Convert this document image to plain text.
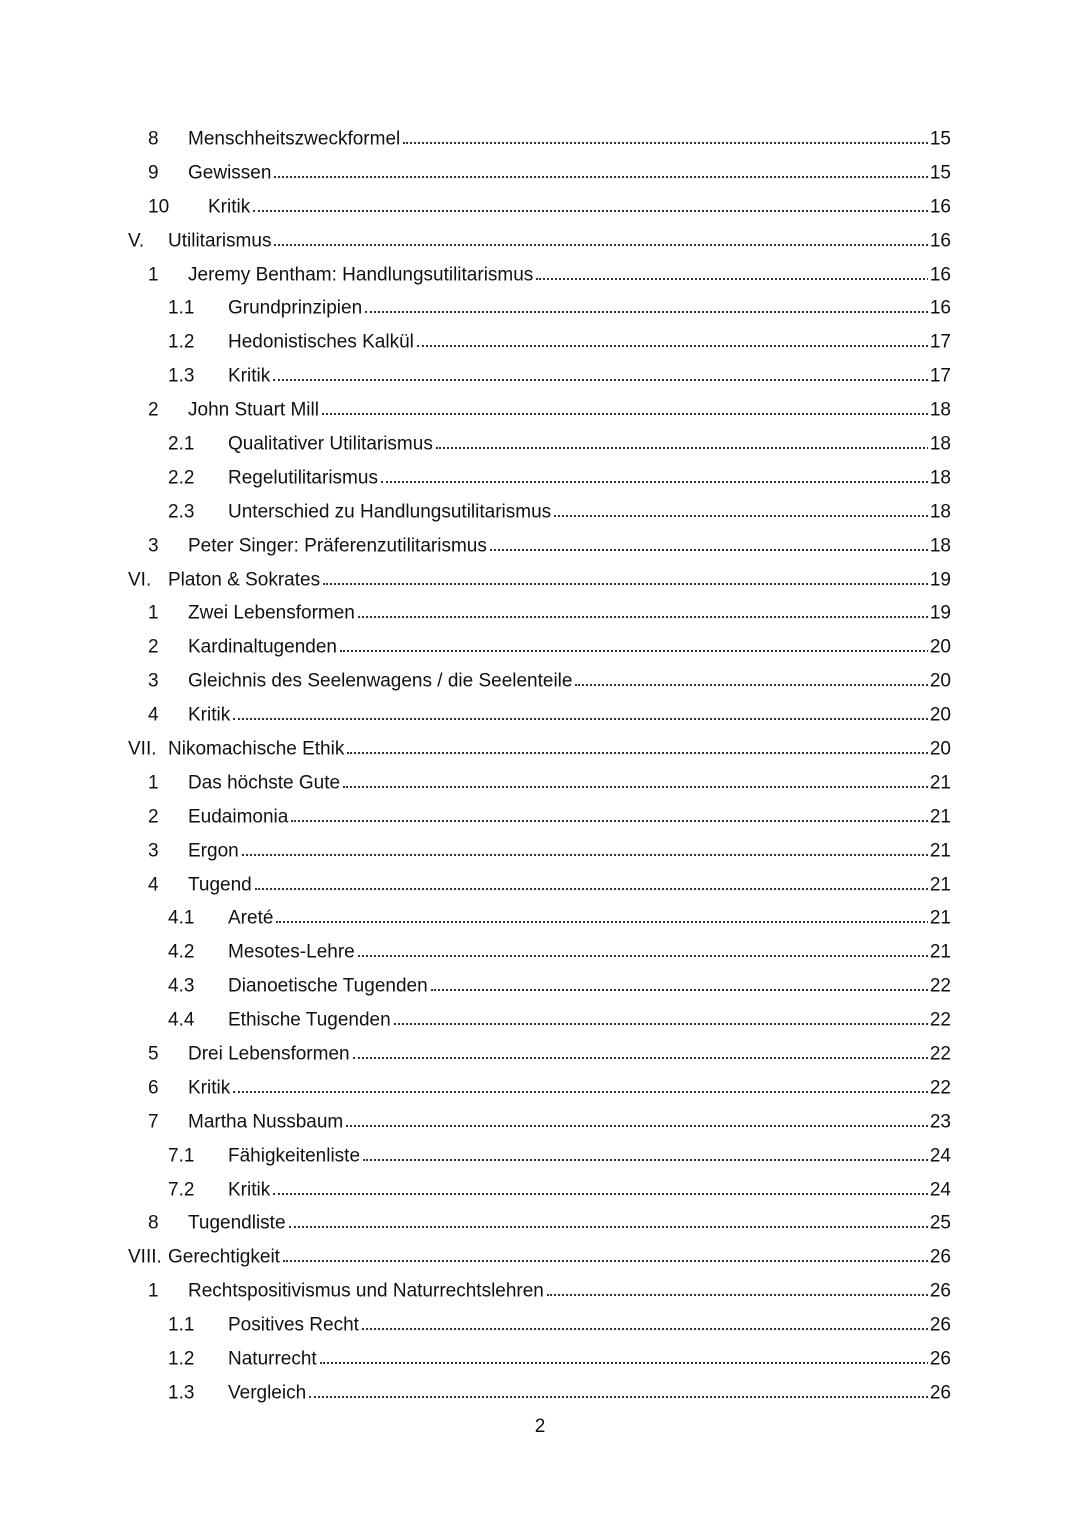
8 Menschheitszweckformel	15
9 Gewissen	15
10 Kritik	16
V. Utilitarismus	16
1 Jeremy Bentham: Handlungsutilitarismus	16
1.1 Grundprinzipien	16
1.2 Hedonistisches Kalkül	17
1.3 Kritik	17
2 John Stuart Mill	18
2.1 Qualitativer Utilitarismus	18
2.2 Regelutilitarismus	18
2.3 Unterschied zu Handlungsutilitarismus	18
3 Peter Singer: Präferenzutilitarismus	18
VI. Platon & Sokrates	19
1 Zwei Lebensformen	19
2 Kardinaltugenden	20
3 Gleichnis des Seelenwagens / die Seelenteile	20
4 Kritik	20
VII. Nikomachische Ethik	20
1 Das höchste Gute	21
2 Eudaimonia	21
3 Ergon	21
4 Tugend	21
4.1 Areté	21
4.2 Mesotes-Lehre	21
4.3 Dianoetische Tugenden	22
4.4 Ethische Tugenden	22
5 Drei Lebensformen	22
6 Kritik	22
7 Martha Nussbaum	23
7.1 Fähigkeitenliste	24
7.2 Kritik	24
8 Tugendliste	25
VIII. Gerechtigkeit	26
1 Rechtspositivismus und Naturrechtslehren	26
1.1 Positives Recht	26
1.2 Naturrecht	26
1.3 Vergleich	26
2
